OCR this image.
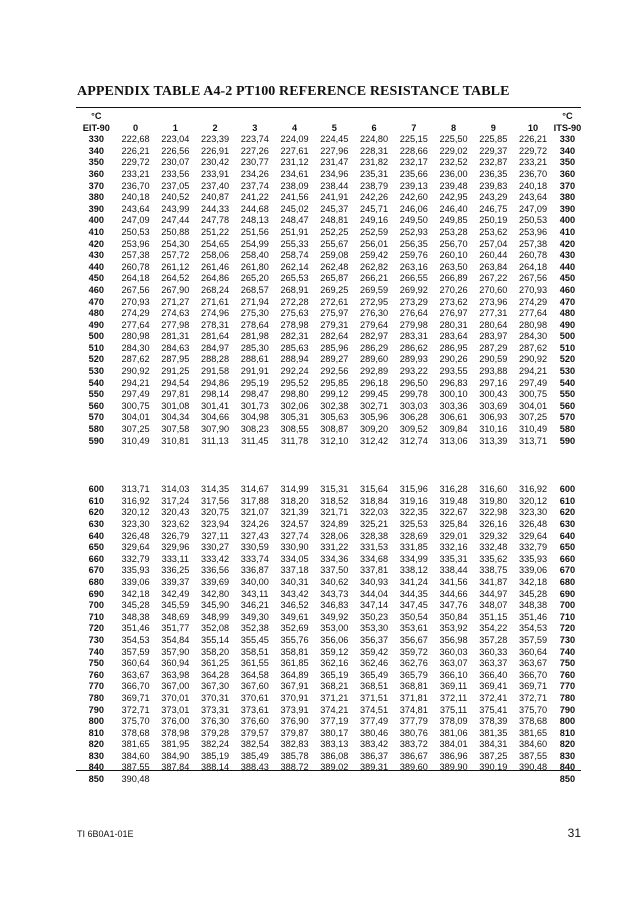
APPENDIX TABLE A4-2 PT100 REFERENCE RESISTANCE TABLE
°C												°C
EIT-90	0	1	2	3	4	5	6	7	8	9	10	ITS-90
330	222,68	223,04	223,39	223,74	224,09	224,45	224,80	225,15	225,50	225,85	226,21	330
340	226,21	226,56	226,91	227,26	227,61	227,96	228,31	228,66	229,02	229,37	229,72	340
350	229,72	230,07	230,42	230,77	231,12	231,47	231,82	232,17	232,52	232,87	233,21	350
360	233,21	233,56	233,91	234,26	234,61	234,96	235,31	235,66	236,00	236,35	236,70	360
370	236,70	237,05	237,40	237,74	238,09	238,44	238,79	239,13	239,48	239,83	240,18	370
380	240,18	240,52	240,87	241,22	241,56	241,91	242,26	242,60	242,95	243,29	243,64	380
390	243,64	243,99	244,33	244,68	245,02	245,37	245,71	246,06	246,40	246,75	247,09	390
400	247,09	247,44	247,78	248,13	248,47	248,81	249,16	249,50	249,85	250,19	250,53	400
410	250,53	250,88	251,22	251,56	251,91	252,25	252,59	252,93	253,28	253,62	253,96	410
420	253,96	254,30	254,65	254,99	255,33	255,67	256,01	256,35	256,70	257,04	257,38	420
430	257,38	257,72	258,06	258,40	258,74	259,08	259,42	259,76	260,10	260,44	260,78	430
440	260,78	261,12	261,46	261,80	262,14	262,48	262,82	263,16	263,50	263,84	264,18	440
450	264,18	264,52	264,86	265,20	265,53	265,87	266,21	266,55	266,89	267,22	267,56	450
460	267,56	267,90	268,24	268,57	268,91	269,25	269,59	269,92	270,26	270,60	270,93	460
470	270,93	271,27	271,61	271,94	272,28	272,61	272,95	273,29	273,62	273,96	274,29	470
480	274,29	274,63	274,96	275,30	275,63	275,97	276,30	276,64	276,97	277,31	277,64	480
490	277,64	277,98	278,31	278,64	278,98	279,31	279,64	279,98	280,31	280,64	280,98	490
500	280,98	281,31	281,64	281,98	282,31	282,64	282,97	283,31	283,64	283,97	284,30	500
510	284,30	284,63	284,97	285,30	285,63	285,96	286,29	286,62	286,95	287,29	287,62	510
520	287,62	287,95	288,28	288,61	288,94	289,27	289,60	289,93	290,26	290,59	290,92	520
530	290,92	291,25	291,58	291,91	292,24	292,56	292,89	293,22	293,55	293,88	294,21	530
540	294,21	294,54	294,86	295,19	295,52	295,85	296,18	296,50	296,83	297,16	297,49	540
550	297,49	297,81	298,14	298,47	298,80	299,12	299,45	299,78	300,10	300,43	300,75	550
560	300,75	301,08	301,41	301,73	302,06	302,38	302,71	303,03	303,36	303,69	304,01	560
570	304,01	304,34	304,66	304,98	305,31	305,63	305,96	306,28	306,61	306,93	307,25	570
580	307,25	307,58	307,90	308,23	308,55	308,87	309,20	309,52	309,84	310,16	310,49	580
590	310,49	310,81	311,13	311,45	311,78	312,10	312,42	312,74	313,06	313,39	313,71	590

600	313,71	314,03	314,35	314,67	314,99	315,31	315,64	315,96	316,28	316,60	316,92	600
610	316,92	317,24	317,56	317,88	318,20	318,52	318,84	319,16	319,48	319,80	320,12	610
620	320,12	320,43	320,75	321,07	321,39	321,71	322,03	322,35	322,67	322,98	323,30	620
630	323,30	323,62	323,94	324,26	324,57	324,89	325,21	325,53	325,84	326,16	326,48	630
640	326,48	326,79	327,11	327,43	327,74	328,06	328,38	328,69	329,01	329,32	329,64	640
650	329,64	329,96	330,27	330,59	330,90	331,22	331,53	331,85	332,16	332,48	332,79	650
660	332,79	333,11	333,42	333,74	334,05	334,36	334,68	334,99	335,31	335,62	335,93	660
670	335,93	336,25	336,56	336,87	337,18	337,50	337,81	338,12	338,44	338,75	339,06	670
680	339,06	339,37	339,69	340,00	340,31	340,62	340,93	341,24	341,56	341,87	342,18	680
690	342,18	342,49	342,80	343,11	343,42	343,73	344,04	344,35	344,66	344,97	345,28	690
700	345,28	345,59	345,90	346,21	346,52	346,83	347,14	347,45	347,76	348,07	348,38	700
710	348,38	348,69	348,99	349,30	349,61	349,92	350,23	350,54	350,84	351,15	351,46	710
720	351,46	351,77	352,08	352,38	352,69	353,00	353,30	353,61	353,92	354,22	354,53	720
730	354,53	354,84	355,14	355,45	355,76	356,06	356,37	356,67	356,98	357,28	357,59	730
740	357,59	357,90	358,20	358,51	358,81	359,12	359,42	359,72	360,03	360,33	360,64	740
750	360,64	360,94	361,25	361,55	361,85	362,16	362,46	362,76	363,07	363,37	363,67	750
760	363,67	363,98	364,28	364,58	364,89	365,19	365,49	365,79	366,10	366,40	366,70	760
770	366,70	367,00	367,30	367,60	367,91	368,21	368,51	368,81	369,11	369,41	369,71	770
780	369,71	370,01	370,31	370,61	370,91	371,21	371,51	371,81	372,11	372,41	372,71	780
790	372,71	373,01	373,31	373,61	373,91	374,21	374,51	374,81	375,11	375,41	375,70	790
800	375,70	376,00	376,30	376,60	376,90	377,19	377,49	377,79	378,09	378,39	378,68	800
810	378,68	378,98	379,28	379,57	379,87	380,17	380,46	380,76	381,06	381,35	381,65	810
820	381,65	381,95	382,24	382,54	382,83	383,13	383,42	383,72	384,01	384,31	384,60	820
830	384,60	384,90	385,19	385,49	385,78	386,08	386,37	386,67	386,96	387,25	387,55	830
840	387,55	387,84	388,14	388,43	388,72	389,02	389,31	389,60	389,90	390,19	390,48	840
850	390,48											850
TI 6B0A1-01E	31
